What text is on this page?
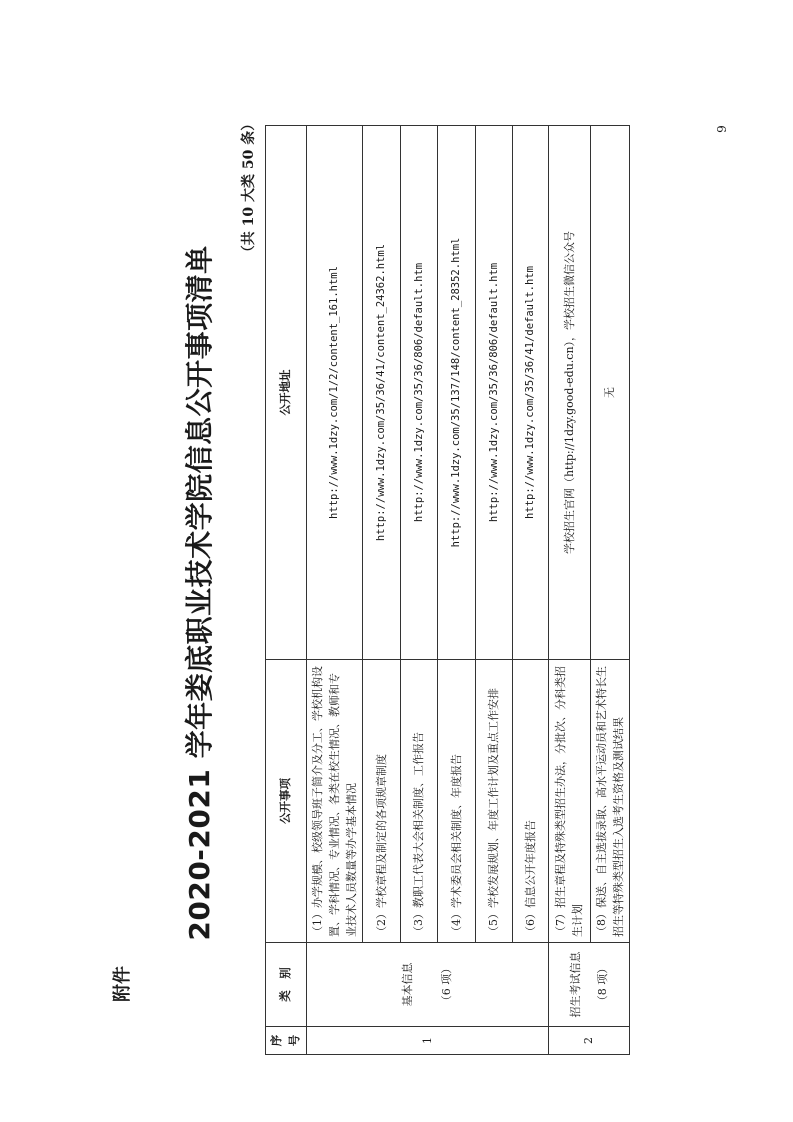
9
附件
2020-2021 学年娄底职业技术学院信息公开事项清单
（共 10 大类 50 条）
序号	类　别	公开事项	公开地址
1	基本信息 （6 项）	（1）办学规模、校级领导班子简介及分工、学校机构设置、学科情况、专业情况、各类在校生情况、教师和专业技术人员数量等办学基本情况	http://www.1dzy.com/1/2/content_161.html
		（2）学校章程及制定的各项规章制度	http://www.1dzy.com/35/36/41/content_24362.html
		（3）教职工代表大会相关制度、工作报告	http://www.1dzy.com/35/36/806/default.htm
		（4）学术委员会相关制度、年度报告	http://www.1dzy.com/35/137/148/content_28352.html
		（5）学校发展规划、年度工作计划及重点工作安排	http://www.1dzy.com/35/36/806/default.htm
		（6）信息公开年度报告	http://www.1dzy.com/35/36/41/default.htm
2	招生考试信息 （8 项）	（7）招生章程及特殊类型招生办法，分批次、分科类招生计划	学校招生官网（http://1dzy.good-edu.cn），学校招生微信公众号
		（8）保送、自主选拔录取、高水平运动员和艺术特长生招生等特殊类型招生入选考生资格及测试结果	无
